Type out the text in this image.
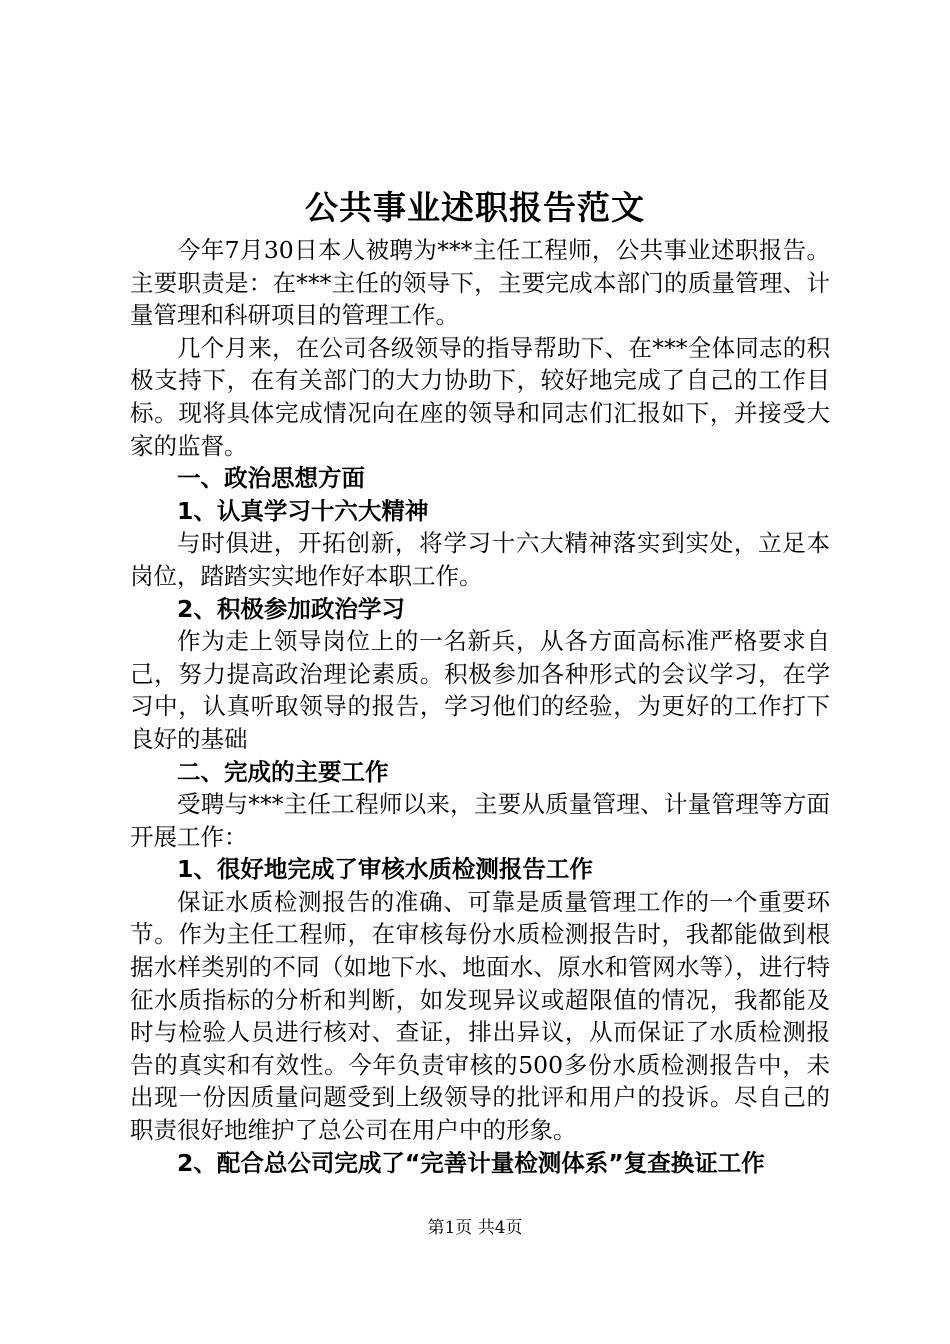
公共事业述职报告范文

今年7月30日本人被聘为***主任工程师，公共事业述职报告。主要职责是：在***主任的领导下，主要完成本部门的质量管理、计量管理和科研项目的管理工作。

几个月来，在公司各级领导的指导帮助下、在***全体同志的积极支持下，在有关部门的大力协助下，较好地完成了自己的工作目标。现将具体完成情况向在座的领导和同志们汇报如下，并接受大家的监督。

一、政治思想方面

1、认真学习十六大精神

与时俱进，开拓创新，将学习十六大精神落实到实处，立足本岗位，踏踏实实地作好本职工作。

2、积极参加政治学习

作为走上领导岗位上的一名新兵，从各方面高标准严格要求自己，努力提高政治理论素质。积极参加各种形式的会议学习，在学习中，认真听取领导的报告，学习他们的经验，为更好的工作打下良好的基础

二、完成的主要工作

受聘与***主任工程师以来，主要从质量管理、计量管理等方面开展工作：

1、很好地完成了审核水质检测报告工作

保证水质检测报告的准确、可靠是质量管理工作的一个重要环节。作为主任工程师，在审核每份水质检测报告时，我都能做到根据水样类别的不同（如地下水、地面水、原水和管网水等），进行特征水质指标的分析和判断，如发现异议或超限值的情况，我都能及时与检验人员进行核对、查证，排出异议，从而保证了水质检测报告的真实和有效性。今年负责审核的500多份水质检测报告中，未出现一份因质量问题受到上级领导的批评和用户的投诉。尽自己的职责很好地维护了总公司在用户中的形象。

2、配合总公司完成了“完善计量检测体系”复查换证工作

第1页 共4页
